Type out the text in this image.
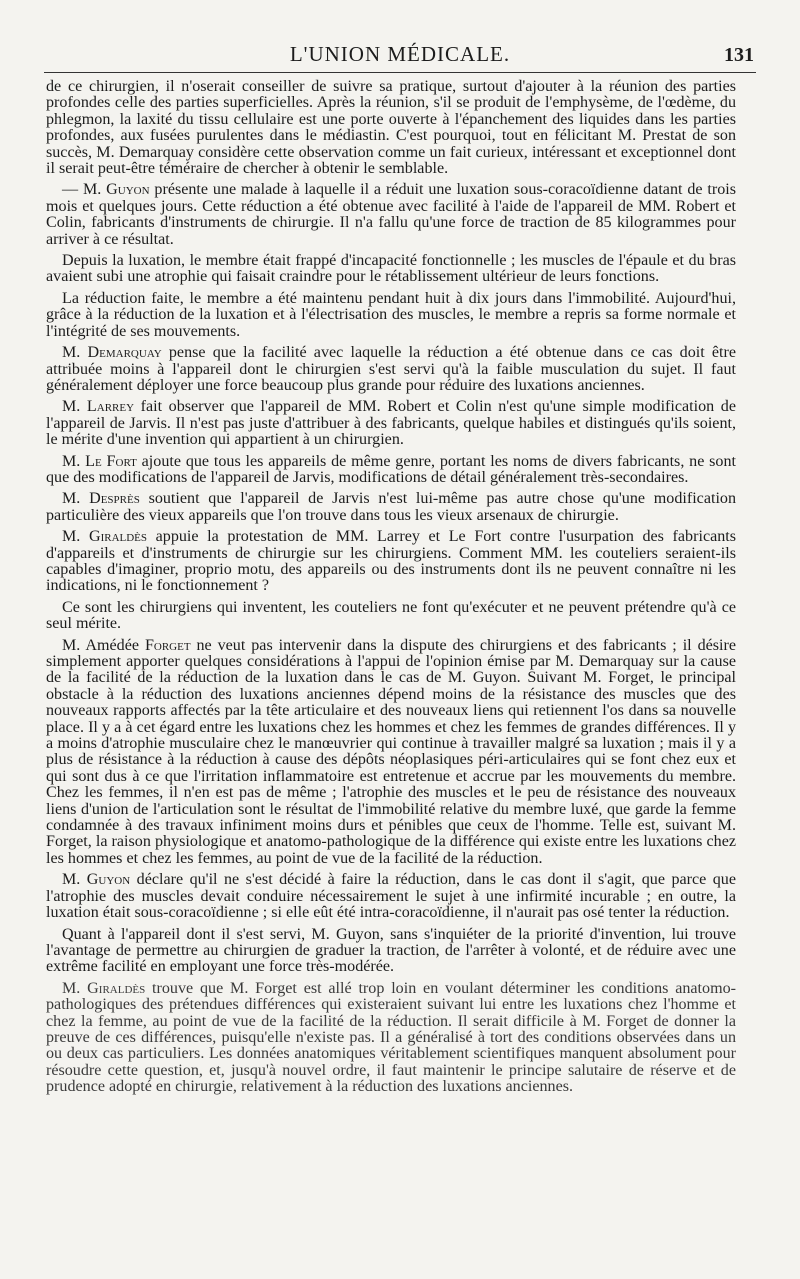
L'UNION MÉDICALE.	131

de ce chirurgien, il n'oserait conseiller de suivre sa pratique, surtout d'ajouter à la réunion des parties profondes celle des parties superficielles. Après la réunion, s'il se produit de l'emphysème, de l'œdème, du phlegmon, la laxité du tissu cellulaire est une porte ouverte à l'épanchement des liquides dans les parties profondes, aux fusées purulentes dans le médiastin. C'est pourquoi, tout en félicitant M. Prestat de son succès, M. Demarquay considère cette observation comme un fait curieux, intéressant et exceptionnel dont il serait peut-être téméraire de chercher à obtenir le semblable.

— M. Guyon présente une malade à laquelle il a réduit une luxation sous-coracoïdienne datant de trois mois et quelques jours. Cette réduction a été obtenue avec facilité à l'aide de l'appareil de MM. Robert et Colin, fabricants d'instruments de chirurgie. Il n'a fallu qu'une force de traction de 85 kilogrammes pour arriver à ce résultat.

Depuis la luxation, le membre était frappé d'incapacité fonctionnelle ; les muscles de l'épaule et du bras avaient subi une atrophie qui faisait craindre pour le rétablissement ultérieur de leurs fonctions.

La réduction faite, le membre a été maintenu pendant huit à dix jours dans l'immobilité. Aujourd'hui, grâce à la réduction de la luxation et à l'électrisation des muscles, le membre a repris sa forme normale et l'intégrité de ses mouvements.

M. Demarquay pense que la facilité avec laquelle la réduction a été obtenue dans ce cas doit être attribuée moins à l'appareil dont le chirurgien s'est servi qu'à la faible musculation du sujet. Il faut généralement déployer une force beaucoup plus grande pour réduire des luxations anciennes.

M. Larrey fait observer que l'appareil de MM. Robert et Colin n'est qu'une simple modification de l'appareil de Jarvis. Il n'est pas juste d'attribuer à des fabricants, quelque habiles et distingués qu'ils soient, le mérite d'une invention qui appartient à un chirurgien.

M. Le Fort ajoute que tous les appareils de même genre, portant les noms de divers fabricants, ne sont que des modifications de l'appareil de Jarvis, modifications de détail généralement très-secondaires.

M. Desprès soutient que l'appareil de Jarvis n'est lui-même pas autre chose qu'une modification particulière des vieux appareils que l'on trouve dans tous les vieux arsenaux de chirurgie.

M. Giraldès appuie la protestation de MM. Larrey et Le Fort contre l'usurpation des fabricants d'appareils et d'instruments de chirurgie sur les chirurgiens. Comment MM. les couteliers seraient-ils capables d'imaginer, proprio motu, des appareils ou des instruments dont ils ne peuvent connaître ni les indications, ni le fonctionnement ?

Ce sont les chirurgiens qui inventent, les couteliers ne font qu'exécuter et ne peuvent prétendre qu'à ce seul mérite.

M. Amédée Forget ne veut pas intervenir dans la dispute des chirurgiens et des fabricants ; il désire simplement apporter quelques considérations à l'appui de l'opinion émise par M. Demarquay sur la cause de la facilité de la réduction de la luxation dans le cas de M. Guyon. Suivant M. Forget, le principal obstacle à la réduction des luxations anciennes dépend moins de la résistance des muscles que des nouveaux rapports affectés par la tête articulaire et des nouveaux liens qui retiennent l'os dans sa nouvelle place. Il y a à cet égard entre les luxations chez les hommes et chez les femmes de grandes différences. Il y a moins d'atrophie musculaire chez le manœuvrier qui continue à travailler malgré sa luxation ; mais il y a plus de résistance à la réduction à cause des dépôts néoplasiques péri-articulaires qui se font chez eux et qui sont dus à ce que l'irritation inflammatoire est entretenue et accrue par les mouvements du membre. Chez les femmes, il n'en est pas de même ; l'atrophie des muscles et le peu de résistance des nouveaux liens d'union de l'articulation sont le résultat de l'immobilité relative du membre luxé, que garde la femme condamnée à des travaux infiniment moins durs et pénibles que ceux de l'homme. Telle est, suivant M. Forget, la raison physiologique et anatomo-pathologique de la différence qui existe entre les luxations chez les hommes et chez les femmes, au point de vue de la facilité de la réduction.

M. Guyon déclare qu'il ne s'est décidé à faire la réduction, dans le cas dont il s'agit, que parce que l'atrophie des muscles devait conduire nécessairement le sujet à une infirmité incurable ; en outre, la luxation était sous-coracoïdienne ; si elle eût été intra-coracoïdienne, il n'aurait pas osé tenter la réduction.

Quant à l'appareil dont il s'est servi, M. Guyon, sans s'inquiéter de la priorité d'invention, lui trouve l'avantage de permettre au chirurgien de graduer la traction, de l'arrêter à volonté, et de réduire avec une extrême facilité en employant une force très-modérée.

M. Giraldès trouve que M. Forget est allé trop loin en voulant déterminer les conditions anatomo-pathologiques des prétendues différences qui existeraient suivant lui entre les luxations chez l'homme et chez la femme, au point de vue de la facilité de la réduction. Il serait difficile à M. Forget de donner la preuve de ces différences, puisqu'elle n'existe pas. Il a généralisé à tort des conditions observées dans un ou deux cas particuliers. Les données anatomiques véritablement scientifiques manquent absolument pour résoudre cette question, et, jusqu'à nouvel ordre, il faut maintenir le principe salutaire de réserve et de prudence adopté en chirurgie, relativement à la réduction des luxations anciennes.
